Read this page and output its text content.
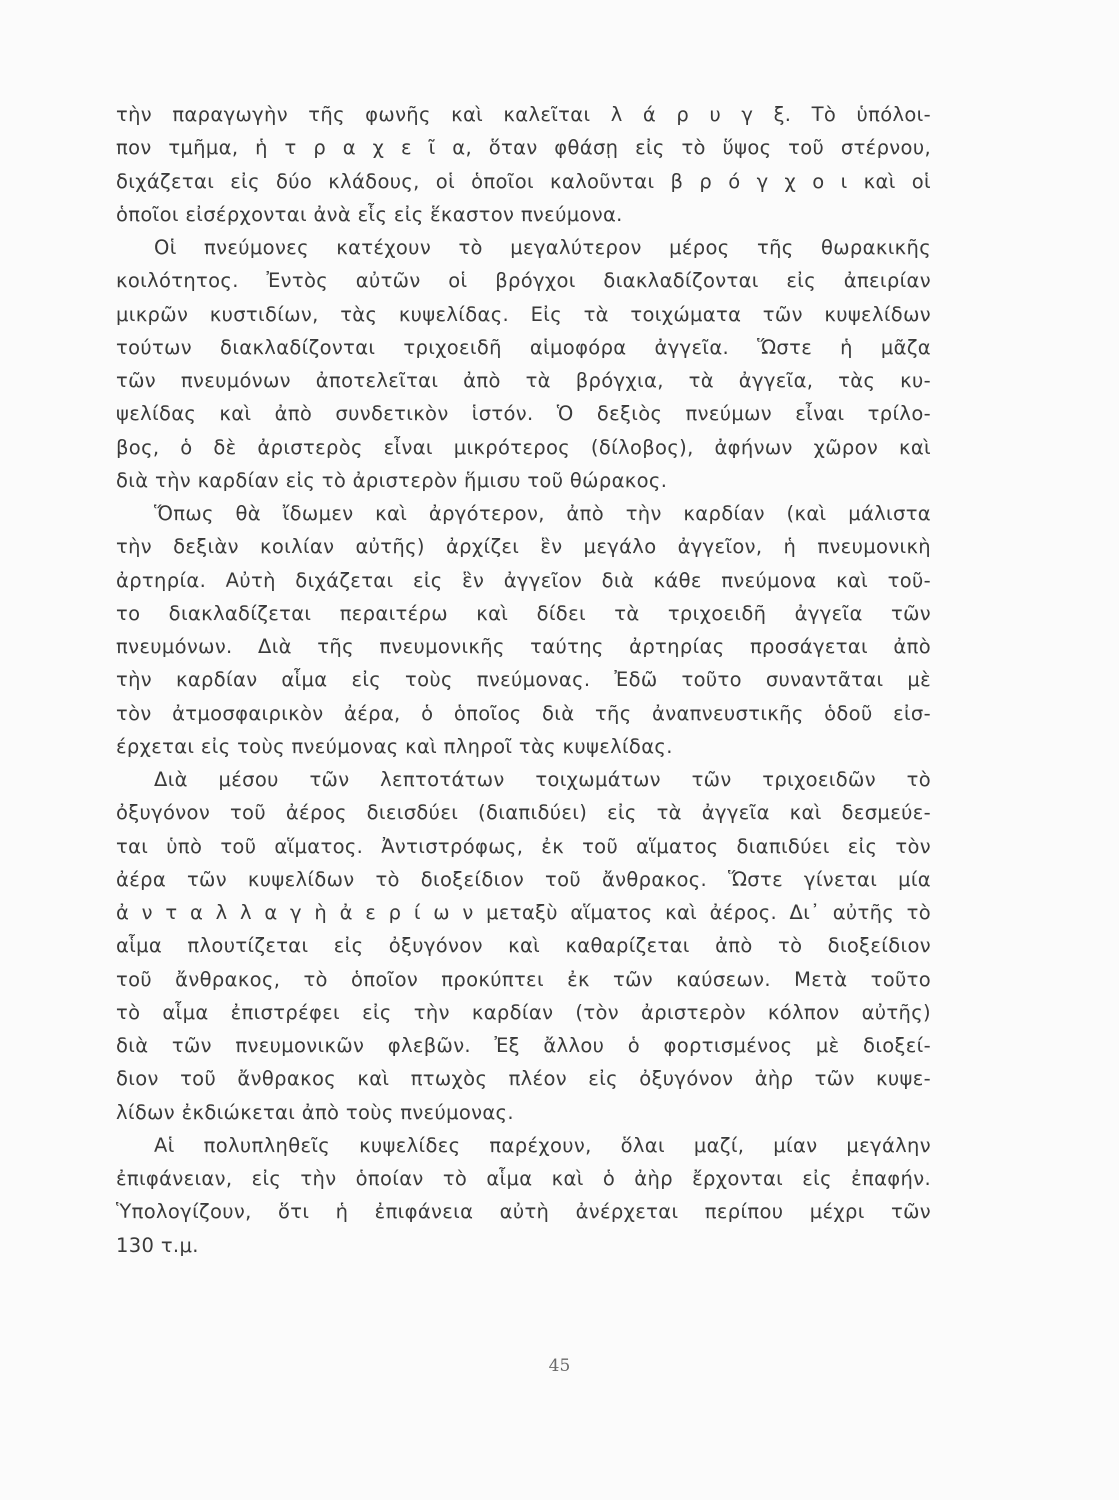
τὴν παραγωγὴν τῆς φωνῆς καὶ καλεῖται λ ά ρ υ γ ξ. Τὸ ὑπόλοι-
πον τμῆμα, ἡ τ ρ α χ ε ῖ α, ὅταν φθάσῃ εἰς τὸ ὕψος τοῦ στέρνου,
διχάζεται εἰς δύο κλάδους, οἱ ὁποῖοι καλοῦνται β ρ ό γ χ ο ι καὶ οἱ
ὁποῖοι εἰσέρχονται ἀνὰ εἷς εἰς ἕκαστον πνεύμονα.
Οἱ πνεύμονες κατέχουν τὸ μεγαλύτερον μέρος τῆς θωρακικῆς
κοιλότητος. Ἐντὸς αὐτῶν οἱ βρόγχοι διακλαδίζονται εἰς ἀπειρίαν
μικρῶν κυστιδίων, τὰς κυψελίδας. Εἰς τὰ τοιχώματα τῶν κυψελίδων
τούτων διακλαδίζονται τριχοειδῆ αἱμοφόρα ἀγγεῖα. Ὥστε ἡ μᾶζα
τῶν πνευμόνων ἀποτελεῖται ἀπὸ τὰ βρόγχια, τὰ ἀγγεῖα, τὰς κυ-
ψελίδας καὶ ἀπὸ συνδετικὸν ἱστόν. Ὁ δεξιὸς πνεύμων εἶναι τρίλο-
βος, ὁ δὲ ἀριστερὸς εἶναι μικρότερος (δίλοβος), ἀφήνων χῶρον καὶ
διὰ τὴν καρδίαν εἰς τὸ ἀριστερὸν ἥμισυ τοῦ θώρακος.
Ὅπως θὰ ἴδωμεν καὶ ἀργότερον, ἀπὸ τὴν καρδίαν (καὶ μάλιστα
τὴν δεξιὰν κοιλίαν αὐτῆς) ἀρχίζει ἓν μεγάλο ἀγγεῖον, ἡ πνευμονικὴ
ἀρτηρία. Αὐτὴ διχάζεται εἰς ἓν ἀγγεῖον διὰ κάθε πνεύμονα καὶ τοῦ-
το διακλαδίζεται περαιτέρω καὶ δίδει τὰ τριχοειδῆ ἀγγεῖα τῶν
πνευμόνων. Διὰ τῆς πνευμονικῆς ταύτης ἀρτηρίας προσάγεται ἀπὸ
τὴν καρδίαν αἷμα εἰς τοὺς πνεύμονας. Ἐδῶ τοῦτο συναντᾶται μὲ
τὸν ἀτμοσφαιρικὸν ἀέρα, ὁ ὁποῖος διὰ τῆς ἀναπνευστικῆς ὁδοῦ εἰσ-
έρχεται εἰς τοὺς πνεύμονας καὶ πληροῖ τὰς κυψελίδας.
Διὰ μέσου τῶν λεπτοτάτων τοιχωμάτων τῶν τριχοειδῶν τὸ
ὀξυγόνον τοῦ ἀέρος διεισδύει (διαπιδύει) εἰς τὰ ἀγγεῖα καὶ δεσμεύε-
ται ὑπὸ τοῦ αἵματος. Ἀντιστρόφως, ἐκ τοῦ αἵματος διαπιδύει εἰς τὸν
ἀέρα τῶν κυψελίδων τὸ διοξείδιον τοῦ ἄνθρακος. Ὥστε γίνεται μία
ἀ ν τ α λ λ α γ ὴ ἀ ε ρ ί ω ν μεταξὺ αἵματος καὶ ἀέρος. Δι᾽ αὐτῆς τὸ
αἷμα πλουτίζεται εἰς ὀξυγόνον καὶ καθαρίζεται ἀπὸ τὸ διοξείδιον
τοῦ ἄνθρακος, τὸ ὁποῖον προκύπτει ἐκ τῶν καύσεων. Μετὰ τοῦτο
τὸ αἷμα ἐπιστρέφει εἰς τὴν καρδίαν (τὸν ἀριστερὸν κόλπον αὐτῆς)
διὰ τῶν πνευμονικῶν φλεβῶν. Ἐξ ἄλλου ὁ φορτισμένος μὲ διοξεί-
διον τοῦ ἄνθρακος καὶ πτωχὸς πλέον εἰς ὀξυγόνον ἀὴρ τῶν κυψε-
λίδων ἐκδιώκεται ἀπὸ τοὺς πνεύμονας.
Αἱ πολυπληθεῖς κυψελίδες παρέχουν, ὅλαι μαζί, μίαν μεγάλην
ἐπιφάνειαν, εἰς τὴν ὁποίαν τὸ αἷμα καὶ ὁ ἀὴρ ἔρχονται εἰς ἐπαφήν.
Ὑπολογίζουν, ὅτι ἡ ἐπιφάνεια αὐτὴ ἀνέρχεται περίπου μέχρι τῶν
130 τ.μ.
45
